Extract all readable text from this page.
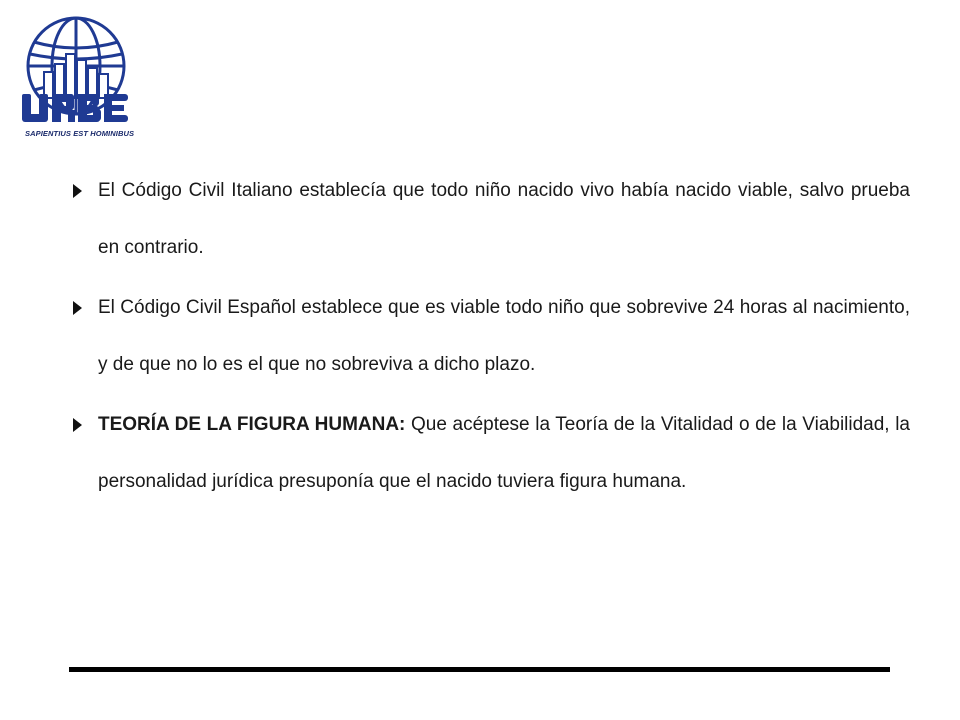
SAPIENTIUS EST HOMINIBUS
El Código Civil Italiano establecía que todo niño nacido vivo había nacido viable, salvo prueba en contrario.
El Código Civil Español establece que es viable todo niño que sobrevive 24 horas al nacimiento, y de que no lo es el que no sobreviva a dicho plazo.
TEORÍA DE LA FIGURA HUMANA: Que acéptese la Teoría de la Vitalidad o de la Viabilidad, la personalidad jurídica presuponía que el nacido tuviera figura humana.
